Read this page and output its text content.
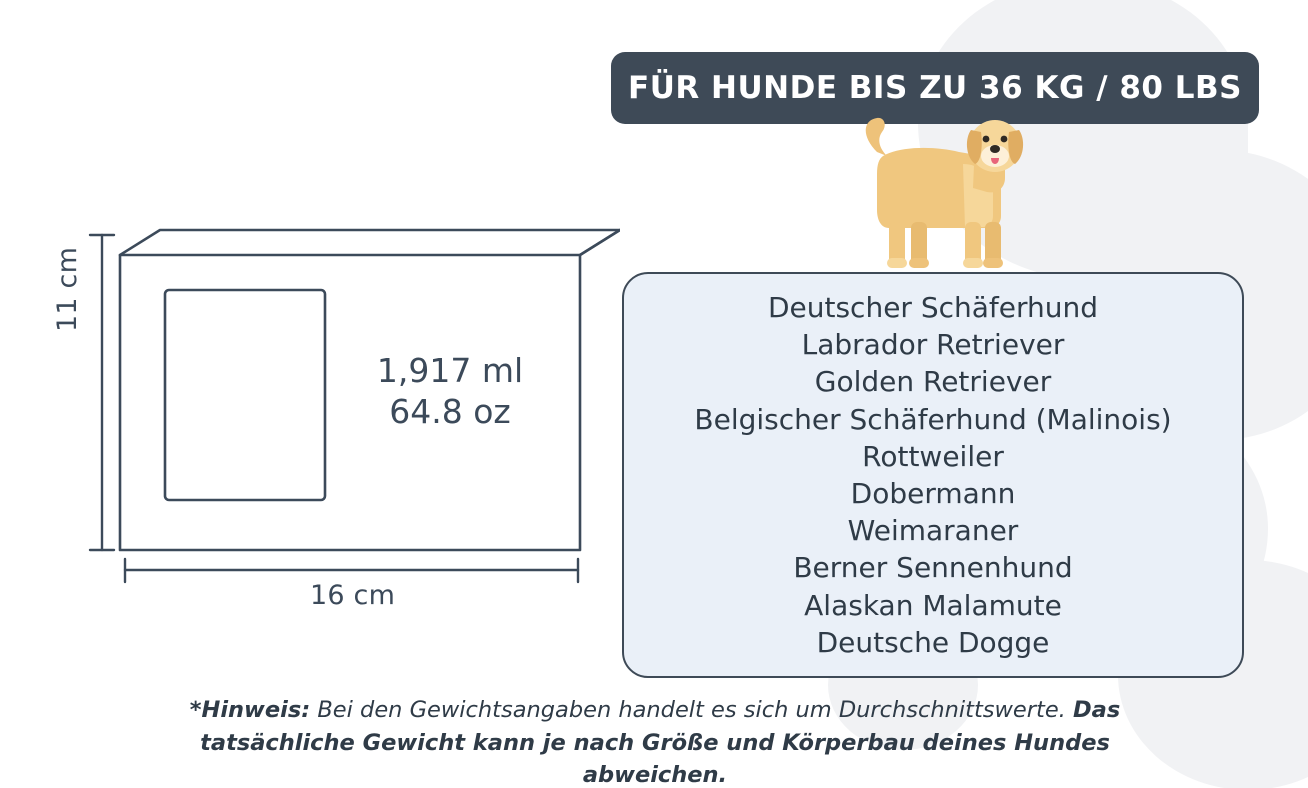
11 cm
16 cm
1,917 ml
64.8 oz
FÜR HUNDE BIS ZU 36 KG / 80 LBS
Deutscher Schäferhund
Labrador Retriever
Golden Retriever
Belgischer Schäferhund (Malinois)
Rottweiler
Dobermann
Weimaraner
Berner Sennenhund
Alaskan Malamute
Deutsche Dogge
*Hinweis: Bei den Gewichtsangaben handelt es sich um Durchschnittswerte. Das tatsächliche Gewicht kann je nach Größe und Körperbau deines Hundes abweichen.
